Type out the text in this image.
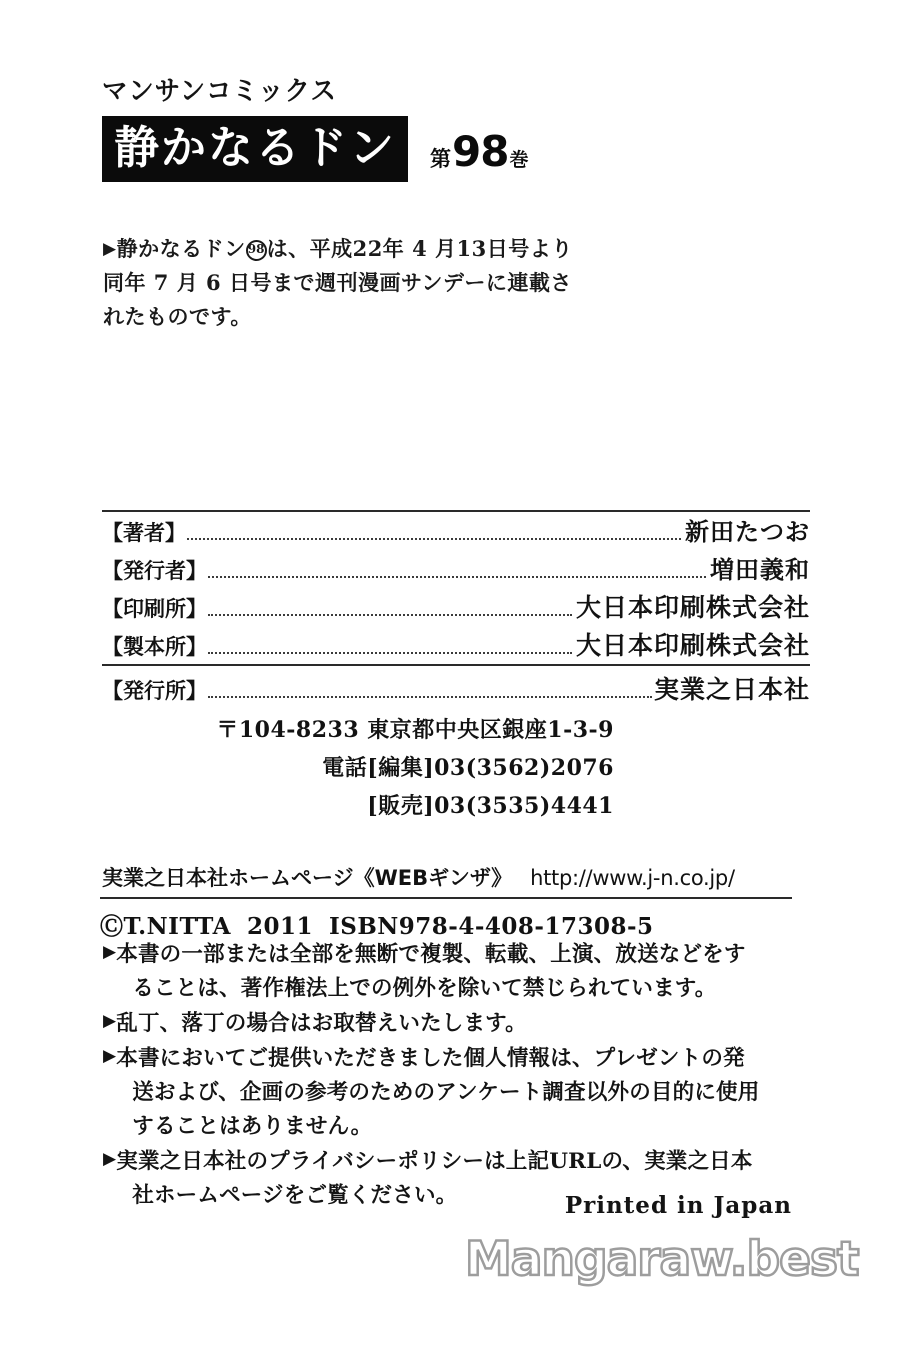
マンサンコミックス
静かなるドン	第 98 巻
▶静かなるドン 98 は、平成22年 4 月13日号より
同年 7 月 6 日号まで週刊漫画サンデーに連載さ
れたものです。
【著者】	新田たつお
【発行者】	増田義和
【印刷所】	大日本印刷株式会社
【製本所】	大日本印刷株式会社
【発行所】	実業之日本社
〒104-8233 東京都中央区銀座1-3-9
電話[編集]03(3562)2076
[販売]03(3535)4441
実業之日本社ホームページ《WEBギンザ》 http://www.j-n.co.jp/
ⒸT.NITTA 2011 ISBN978-4-408-17308-5
▶ 本書の一部または全部を無断で複製、転載、上演、放送などをす

ることは、著作権法上での例外を除いて禁じられています。

▶ 乱丁、落丁の場合はお取替えいたします。

▶ 本書においてご提供いただきました個人情報は、プレゼントの発

送および、企画の参考のためのアンケート調査以外の目的に使用

することはありません。

▶ 実業之日本社のプライバシーポリシーは上記URLの、実業之日本

社ホームページをご覧ください。	Printed in Japan
Mangaraw.best
